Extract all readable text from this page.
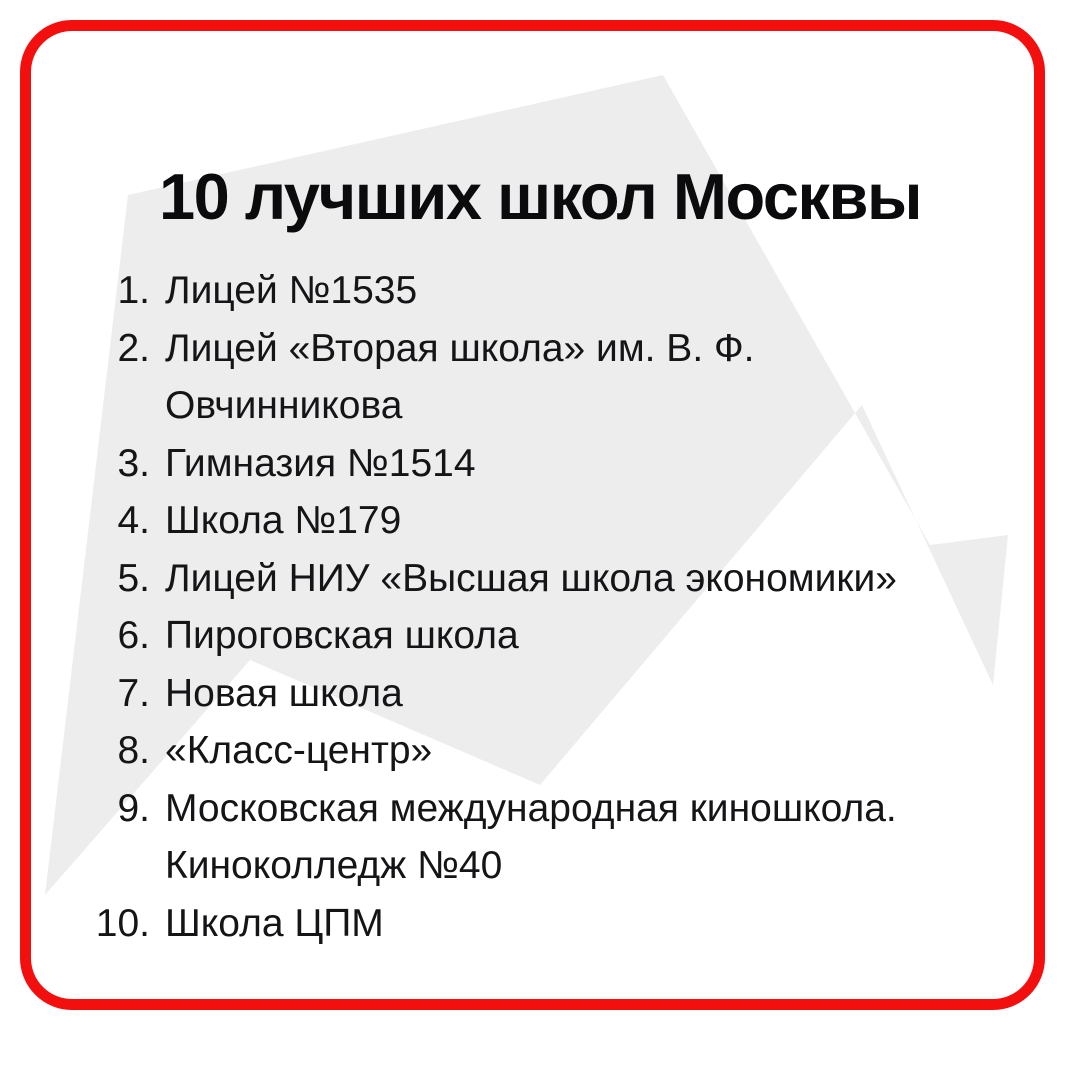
10 лучших школ Москвы
1. Лицей №1535
2. Лицей «Вторая школа» им. В. Ф.
Овчинникова
3. Гимназия №1514
4. Школа №179
5. Лицей НИУ «Высшая школа экономики»
6. Пироговская школа
7. Новая школа
8. «Класс-центр»
9. Московская международная киношкола.
Киноколледж №40
10. Школа ЦПМ
